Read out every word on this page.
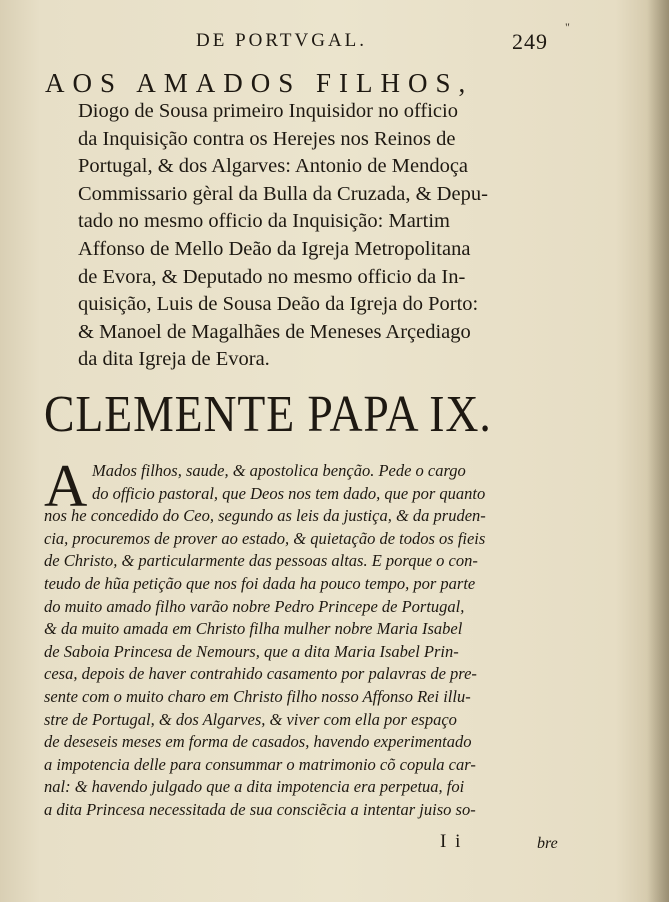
DE PORTVGAL.	249
"
AOS AMADOS FILHOS,

Diogo de Sousa primeiro Inquisidor no officio
da Inquisição contra os Herejes nos Reinos de
Portugal, & dos Algarves: Antonio de Mendoça
Commissario gèral da Bulla da Cruzada, & Depu-
tado no mesmo officio da Inquisição: Martim
Affonso de Mello Deão da Igreja Metropolitana
de Evora, & Deputado no mesmo officio da In-
quisição, Luis de Sousa Deão da Igreja do Porto:
& Manoel de Magalhães de Meneses Arçediago
da dita Igreja de Evora.

CLEMENTE PAPA IX.
A Mados filhos, saude, & apostolica benção. Pede o cargo
do officio pastoral, que Deos nos tem dado, que por quanto
nos he concedido do Ceo, segundo as leis da justiça, & da pruden-
cia, procuremos de prover ao estado, & quietação de todos os fieis
de Christo, & particularmente das pessoas altas. E porque o con-
teudo de hũa petição que nos foi dada ha pouco tempo, por parte
do muito amado filho varão nobre Pedro Princepe de Portugal,
& da muito amada em Christo filha mulher nobre Maria Isabel
de Saboia Princesa de Nemours, que a dita Maria Isabel Prin-
cesa, depois de haver contrahido casamento por palavras de pre-
sente com o muito charo em Christo filho nosso Affonso Rei illu-
stre de Portugal, & dos Algarves, & viver com ella por espaço
de deseseis meses em forma de casados, havendo experimentado
a impotencia delle para consummar o matrimonio cõ copula car-
nal: & havendo julgado que a dita impotencia era perpetua, foi
a dita Princesa necessitada de sua consciẽcia a intentar juiso so-

I i	bre
